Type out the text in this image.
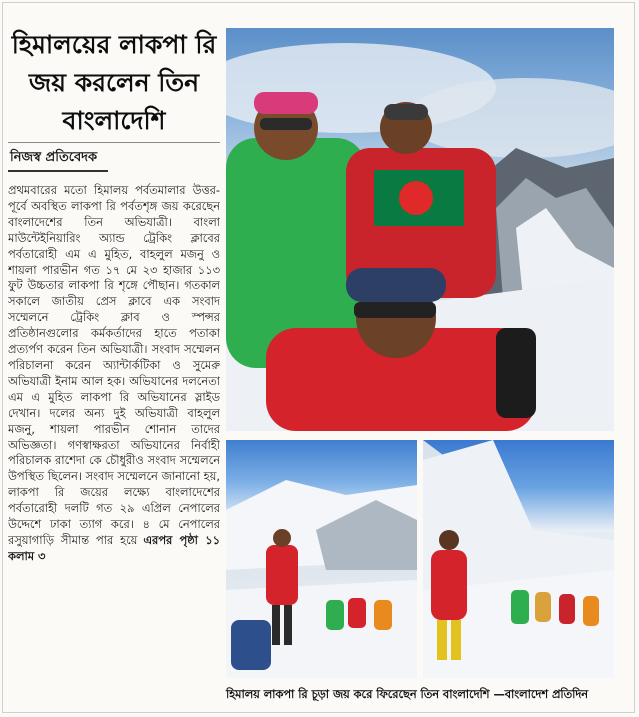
হিমালয়ের লাকপা রি জয় করলেন তিন বাংলাদেশি
নিজস্ব প্রতিবেদক
প্রথমবারের মতো হিমালয় পর্বতমালার উত্তর-পূর্বে অবস্থিত লাকপা রি পর্বতশৃঙ্গ জয় করেছেন বাংলাদেশের তিন অভিযাত্রী। বাংলা মাউন্টেইনিয়ারিং অ্যান্ড ট্রেকিং ক্লাবের পর্বতারোহী এম এ মুহিত, বাহলুল মজনু ও শায়লা পারভীন গত ১৭ মে ২৩ হাজার ১১৩ ফুট উচ্চতার লাকপা রি শৃঙ্গে পৌছান। গতকাল সকালে জাতীয় প্রেস ক্লাবে এক সংবাদ সম্মেলনে ট্রেকিং ক্লাব ও স্পন্সর প্রতিষ্ঠানগুলোর কর্মকর্তাদের হাতে পতাকা প্রত্যর্পণ করেন তিন অভিযাত্রী। সংবাদ সম্মেলন পরিচালনা করেন অ্যান্টার্কটিকা ও সুমেরু অভিযাত্রী ইনাম আল হক। অভিযানের দলনেতা এম এ মুহিত লাকপা রি অভিযানের স্লাইড দেখান। দলের অন্য দুই অভিযাত্রী বাহলুল মজনু, শায়লা পারভীন শোনান তাদের অভিজ্ঞতা। গণস্বাক্ষরতা অভিযানের নির্বাহী পরিচালক রাশেদা কে চৌধুরীও সংবাদ সম্মেলনে উপস্থিত ছিলেন। সংবাদ সম্মেলনে জানানো হয়, লাকপা রি জয়ের লক্ষ্যে বাংলাদেশের পর্বতারোহী দলটি গত ২৯ এপ্রিল নেপালের উদ্দেশে ঢাকা ত্যাগ করে। ৪ মে নেপালের রসুয়াগাড়ি সীমান্ত পার হয়ে এরপর পৃষ্ঠা ১১ কলাম ৩
হিমালয় লাকপা রি চূড়া জয় করে ফিরেছেন তিন বাংলাদেশি —বাংলাদেশ প্রতিদিন
